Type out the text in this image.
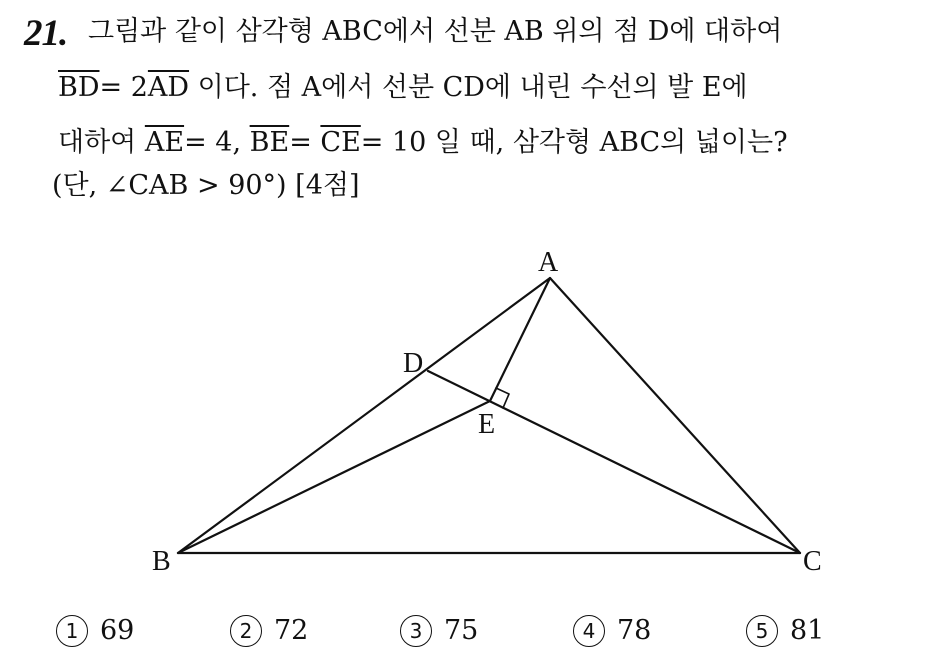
21. 그림과 같이 삼각형 ABC에서 선분 AB 위의 점 D에 대하여
$\overline{BD}= 2\overline{AD}$ 이다. 점 A에서 선분 CD에 내린 수선의 발 E에
대하여 $\overline{AE}= 4$, $\overline{BE}= \overline{CE}= 10$ 일 때, 삼각형 ABC의 넓이는?
(단, ∠CAB > 90°) [4점]
A
B	C
D
E
1 69	2 72	3 75	4 78	5 81
